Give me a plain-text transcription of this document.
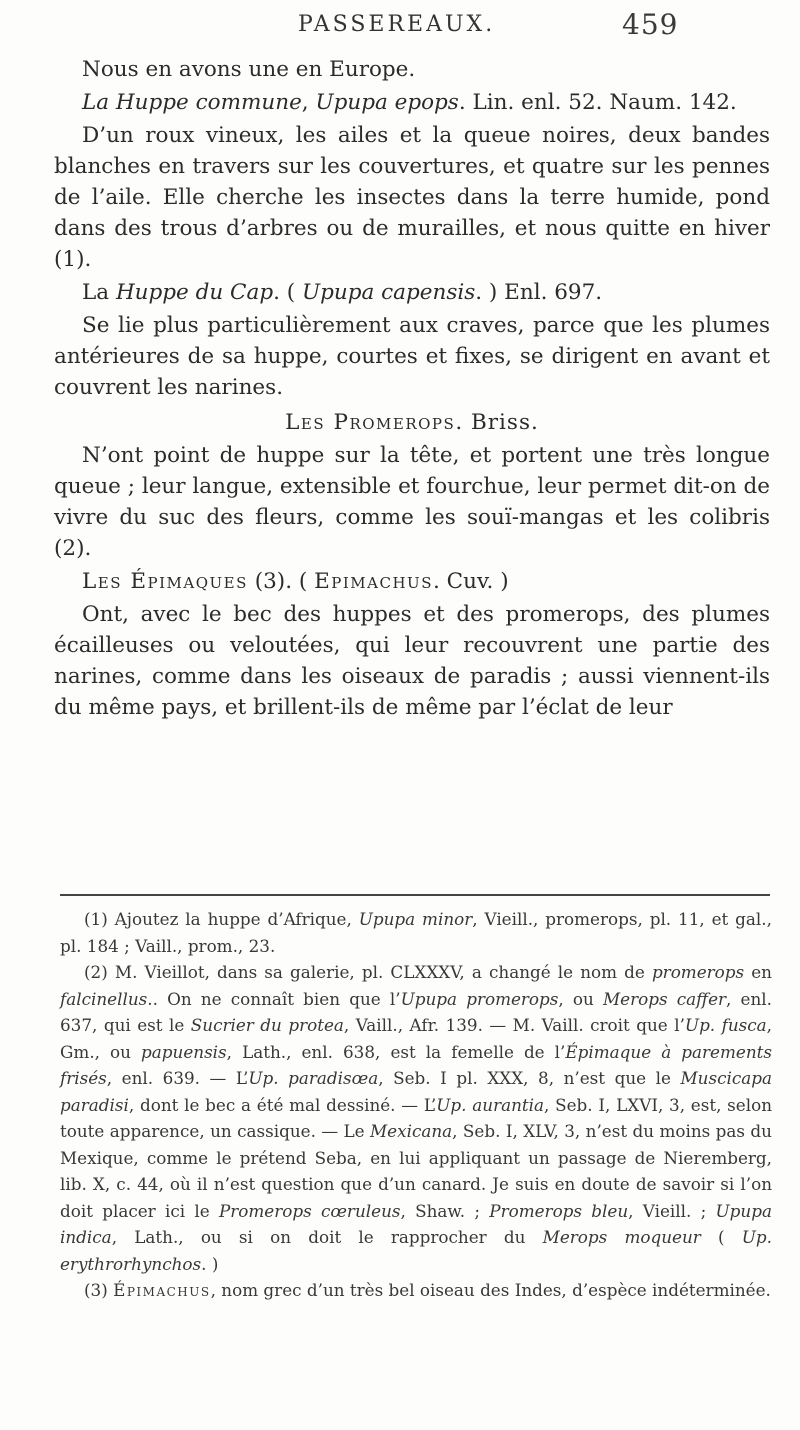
PASSEREAUX.	459

Nous en avons une en Europe.

La Huppe commune, Upupa epops. Lin. enl. 52. Naum. 142.

D’un roux vineux, les ailes et la queue noires, deux bandes blanches en travers sur les couvertures, et quatre sur les pennes de l’aile. Elle cherche les insectes dans la terre humide, pond dans des trous d’arbres ou de murailles, et nous quitte en hiver (1).

La Huppe du Cap. ( Upupa capensis. ) Enl. 697.

Se lie plus particulièrement aux craves, parce que les plumes antérieures de sa huppe, courtes et fixes, se dirigent en avant et couvrent les narines.

Les Promerops. Briss.

N’ont point de huppe sur la tête, et portent une très longue queue ; leur langue, extensible et fourchue, leur permet dit-on de vivre du suc des fleurs, comme les souï-mangas et les colibris (2).

Les Épimaques (3). ( Epimachus. Cuv. )

Ont, avec le bec des huppes et des promerops, des plumes écailleuses ou veloutées, qui leur recouvrent une partie des narines, comme dans les oiseaux de paradis ; aussi viennent-ils du même pays, et brillent-ils de même par l’éclat de leur

(1) Ajoutez la huppe d’Afrique, Upupa minor, Vieill., promerops, pl. 11, et gal., pl. 184 ; Vaill., prom., 23.

(2) M. Vieillot, dans sa galerie, pl. CLXXXV, a changé le nom de promerops en falcinellus.. On ne connaît bien que l’Upupa promerops, ou Merops caffer, enl. 637, qui est le Sucrier du protea, Vaill., Afr. 139. — M. Vaill. croit que l’Up. fusca, Gm., ou papuensis, Lath., enl. 638, est la femelle de l’Épimaque à parements frisés, enl. 639. — L’Up. paradisœa, Seb. I pl. XXX, 8, n’est que le Muscicapa paradisi, dont le bec a été mal dessiné. — L’Up. aurantia, Seb. I, LXVI, 3, est, selon toute apparence, un cassique. — Le Mexicana, Seb. I, XLV, 3, n’est du moins pas du Mexique, comme le prétend Seba, en lui appliquant un passage de Nieremberg, lib. X, c. 44, où il n’est question que d’un canard. Je suis en doute de savoir si l’on doit placer ici le Promerops cœruleus, Shaw. ; Promerops bleu, Vieill. ; Upupa indica, Lath., ou si on doit le rapprocher du Merops moqueur ( Up. erythrorhynchos. )

(3) Épimachus, nom grec d’un très bel oiseau des Indes, d’espèce indéterminée.
